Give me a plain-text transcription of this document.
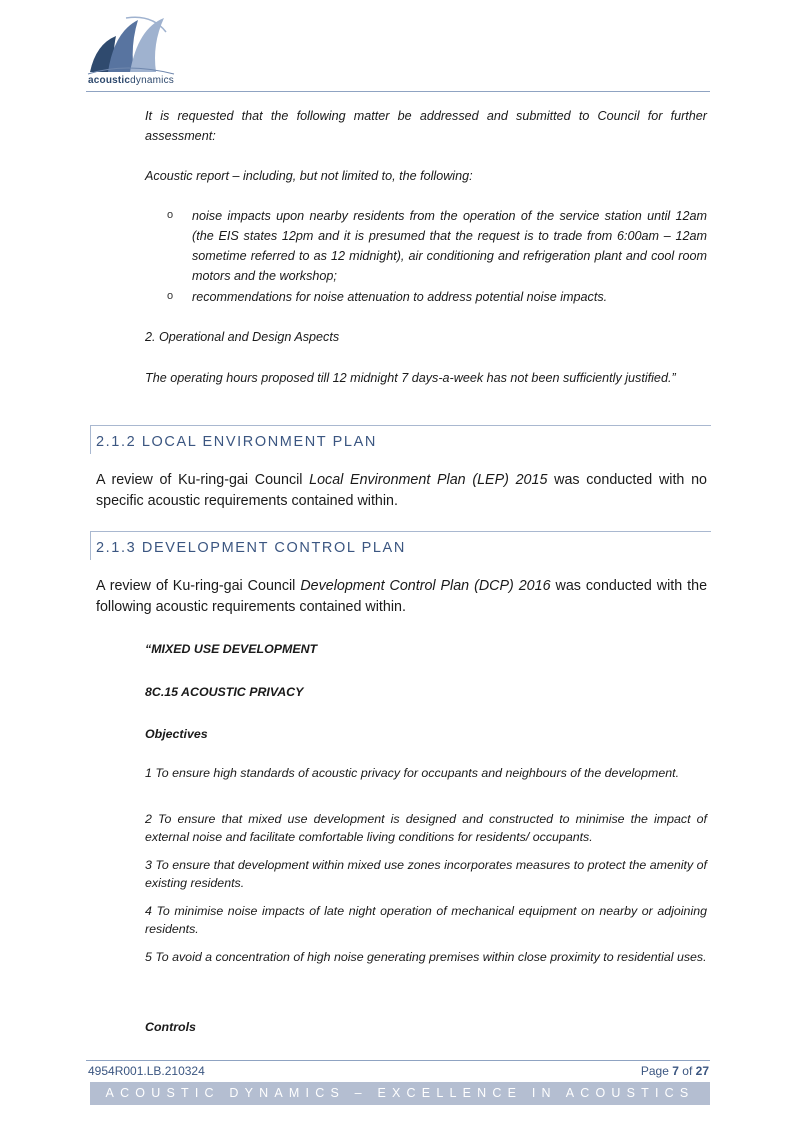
acousticdynamics

It is requested that the following matter be addressed and submitted to Council for further assessment:

Acoustic report – including, but not limited to, the following:

o noise impacts upon nearby residents from the operation of the service station until 12am (the EIS states 12pm and it is presumed that the request is to trade from 6:00am – 12am sometime referred to as 12 midnight), air conditioning and refrigeration plant and cool room motors and the workshop;

o recommendations for noise attenuation to address potential noise impacts.

2. Operational and Design Aspects

The operating hours proposed till 12 midnight 7 days-a-week has not been sufficiently justified.”

2.1.2 LOCAL ENVIRONMENT PLAN

A review of Ku-ring-gai Council Local Environment Plan (LEP) 2015 was conducted with no specific acoustic requirements contained within.

2.1.3 DEVELOPMENT CONTROL PLAN

A review of Ku-ring-gai Council Development Control Plan (DCP) 2016 was conducted with the following acoustic requirements contained within.

“MIXED USE DEVELOPMENT
8C.15 ACOUSTIC PRIVACY
Objectives

1 To ensure high standards of acoustic privacy for occupants and neighbours of the development.

2 To ensure that mixed use development is designed and constructed to minimise the impact of external noise and facilitate comfortable living conditions for residents/ occupants.

3 To ensure that development within mixed use zones incorporates measures to protect the amenity of existing residents.

4 To minimise noise impacts of late night operation of mechanical equipment on nearby or adjoining residents.

5 To avoid a concentration of high noise generating premises within close proximity to residential uses.

Controls
4954R001.LB.210324	Page 7 of 27
ACOUSTIC DYNAMICS – EXCELLENCE IN ACOUSTICS
